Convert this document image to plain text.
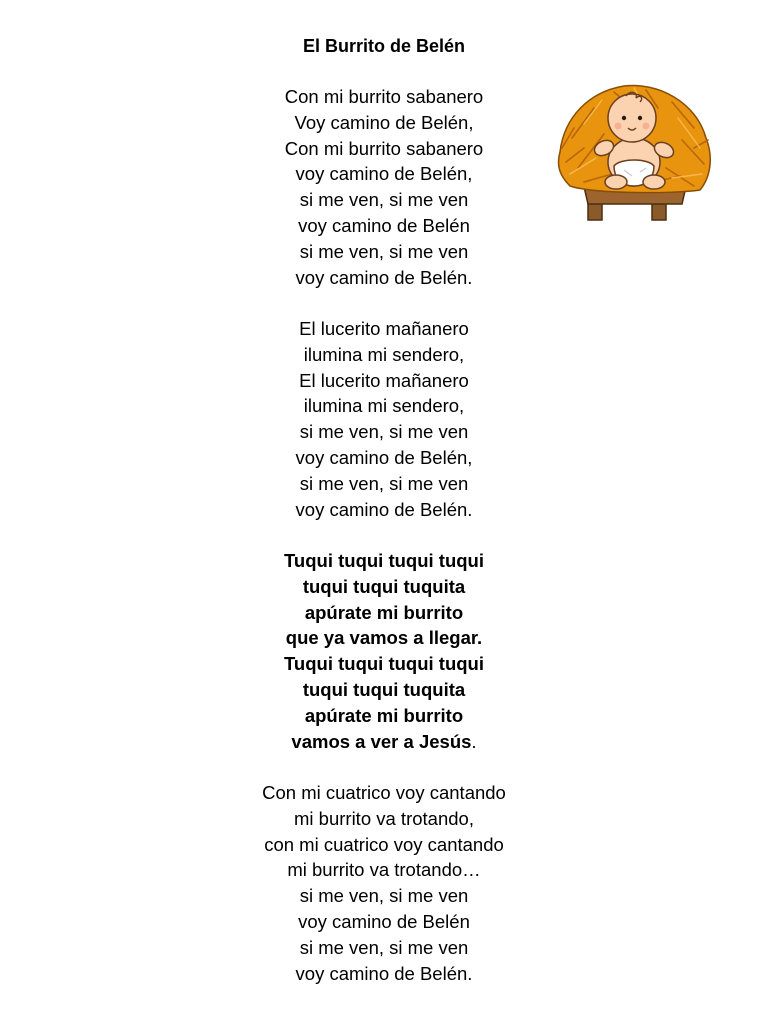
El Burrito de Belén
Con mi burrito sabanero
Voy camino de Belén,
Con mi burrito sabanero
voy camino de Belén,
si me ven, si me ven
voy camino de Belén
si me ven, si me ven
voy camino de Belén.
El lucerito mañanero
ilumina mi sendero,
El lucerito mañanero
ilumina mi sendero,
si me ven, si me ven
voy camino de Belén,
si me ven, si me ven
voy camino de Belén.
Tuqui tuqui tuqui tuqui
tuqui tuqui tuquita
apúrate mi burrito
que ya vamos a llegar.
Tuqui tuqui tuqui tuqui
tuqui tuqui tuquita
apúrate mi burrito
vamos a ver a Jesús.
Con mi cuatrico voy cantando
mi burrito va trotando,
con mi cuatrico voy cantando
mi burrito va trotando…
si me ven, si me ven
voy camino de Belén
si me ven, si me ven
voy camino de Belén.
